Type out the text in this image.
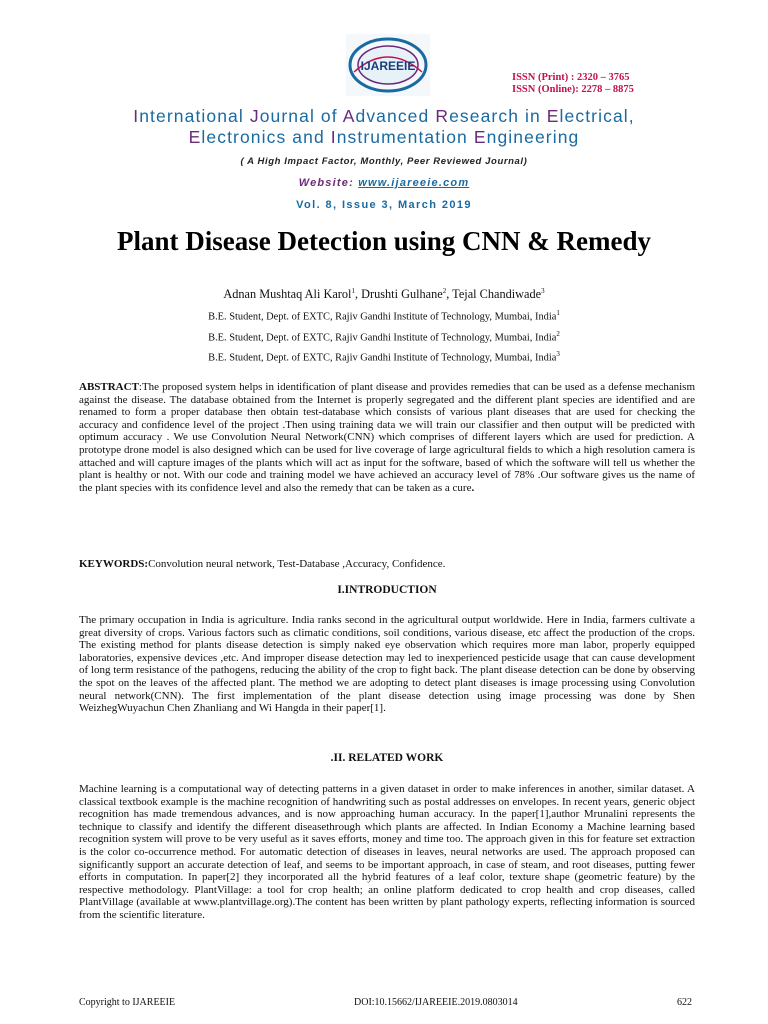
IJAREEIE
ISSN (Print) : 2320 – 3765
ISSN (Online): 2278 – 8875
International Journal of Advanced Research in Electrical,
Electronics and Instrumentation Engineering
( A High Impact Factor, Monthly, Peer Reviewed Journal)
Website: www.ijareeie.com
Vol. 8, Issue 3, March 2019
Plant Disease Detection using CNN & Remedy
Adnan Mushtaq Ali Karol$^1$, Drushti Gulhane$^2$, Tejal Chandiwade$^3$
B.E. Student, Dept. of EXTC, Rajiv Gandhi Institute of Technology, Mumbai, India$^1$
B.E. Student, Dept. of EXTC, Rajiv Gandhi Institute of Technology, Mumbai, India$^2$
B.E. Student, Dept. of EXTC, Rajiv Gandhi Institute of Technology, Mumbai, India$^3$
ABSTRACT:The proposed system helps in identification of plant disease and provides remedies that can be used as a defense mechanism against the disease. The database obtained from the Internet is properly segregated and the different plant species are identified and are renamed to form a proper database then obtain test-database which consists of various plant diseases that are used for checking the accuracy and confidence level of the project .Then using training data we will train our classifier and then output will be predicted with optimum accuracy . We use Convolution Neural Network(CNN) which comprises of different layers which are used for prediction. A prototype drone model is also designed which can be used for live coverage of large agricultural fields to which a high resolution camera is attached and will capture images of the plants which will act as input for the software, based of which the software will tell us whether the plant is healthy or not. With our code and training model we have achieved an accuracy level of 78% .Our software gives us the name of the plant species with its confidence level and also the remedy that can be taken as a cure.
KEYWORDS:Convolution neural network, Test-Database ,Accuracy, Confidence.
I.INTRODUCTION
The primary occupation in India is agriculture. India ranks second in the agricultural output worldwide. Here in India, farmers cultivate a great diversity of crops. Various factors such as climatic conditions, soil conditions, various disease, etc affect the production of the crops. The existing method for plants disease detection is simply naked eye observation which requires more man labor, properly equipped laboratories, expensive devices ,etc. And improper disease detection may led to inexperienced pesticide usage that can cause development of long term resistance of the pathogens, reducing the ability of the crop to fight back. The plant disease detection can be done by observing the spot on the leaves of the affected plant. The method we are adopting to detect plant diseases is image processing using Convolution neural network(CNN). The first implementation of the plant disease detection using image processing was done by Shen WeizhegWuyachun Chen Zhanliang and Wi Hangda in their paper[1].
.II. RELATED WORK
Machine learning is a computational way of detecting patterns in a given dataset in order to make inferences in another, similar dataset. A classical textbook example is the machine recognition of handwriting such as postal addresses on envelopes. In recent years, generic object recognition has made tremendous advances, and is now approaching human accuracy. In the paper[1],author Mrunalini represents the technique to classify and identify the different diseasethrough which plants are affected. In Indian Economy a Machine learning based recognition system will prove to be very useful as it saves efforts, money and time too. The approach given in this for feature set extraction is the color co-occurrence method. For automatic detection of diseases in leaves, neural networks are used. The approach proposed can significantly support an accurate detection of leaf, and seems to be important approach, in case of steam, and root diseases, putting fewer efforts in computation. In paper[2] they incorporated all the hybrid features of a leaf color, texture shape (geometric feature) by the respective methodology. PlantVillage: a tool for crop health; an online platform dedicated to crop health and crop diseases, called PlantVillage (available at www.plantvillage.org).The content has been written by plant pathology experts, reflecting information is sourced from the scientific literature.
Copyright to IJAREEIE	DOI:10.15662/IJAREEIE.2019.0803014	622
